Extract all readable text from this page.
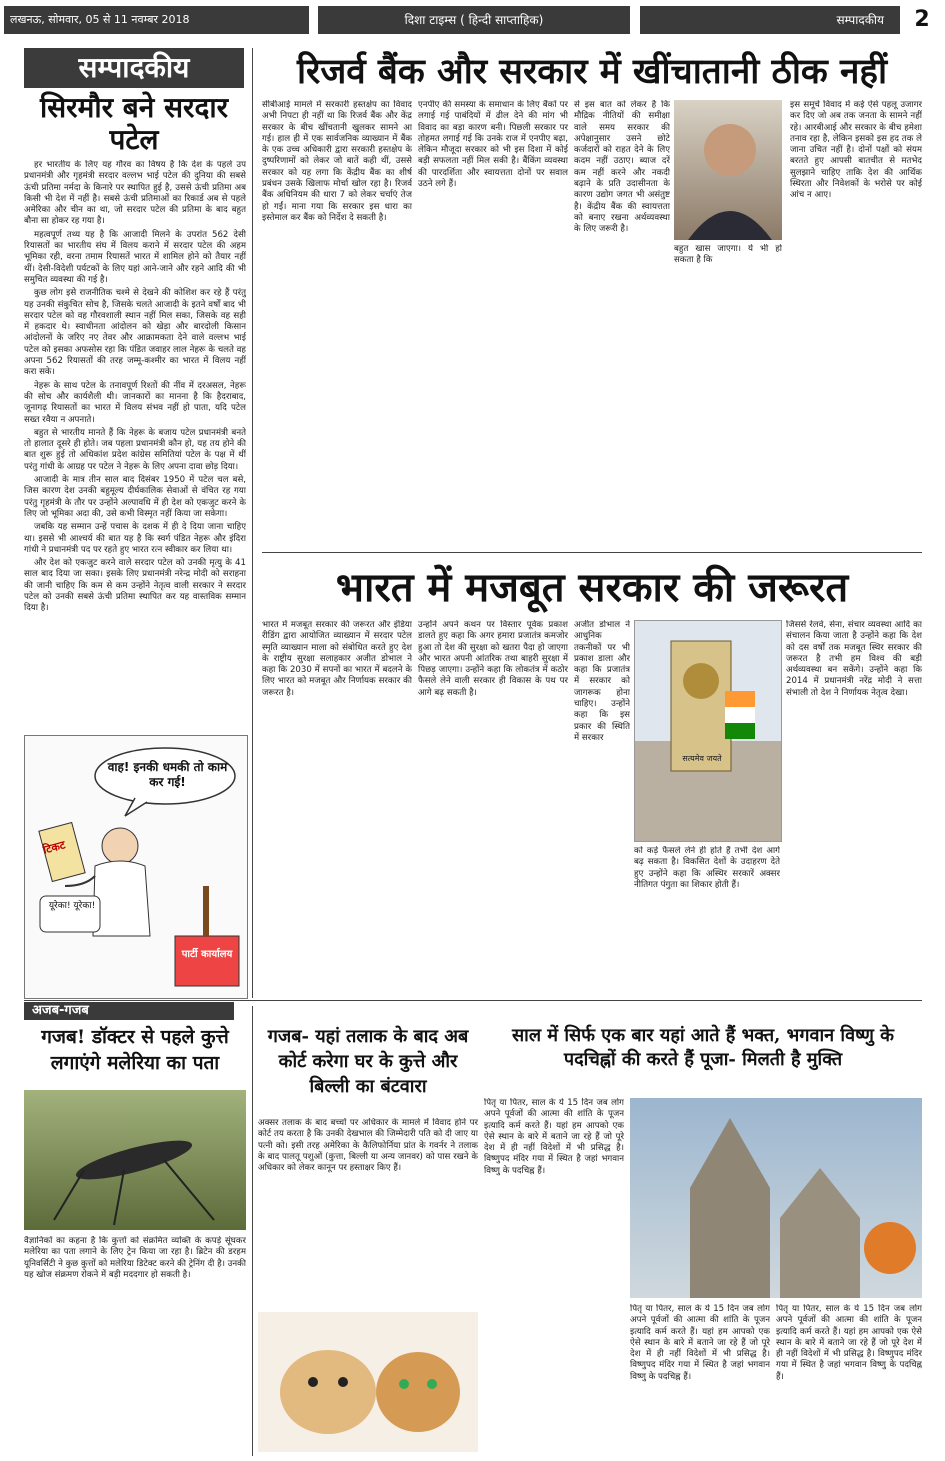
लखनऊ, सोमवार, 05 से 11 नवम्बर 2018	दिशा टाइम्स ( हिन्दी साप्ताहिक)	सम्पादकीय	2
सम्पादकीय
सिरमौर बने सरदार पटेल

हर भारतीय के लिए यह गौरव का विषय है कि देश के पहले उप प्रधानमंत्री और गृहमंत्री सरदार वल्लभ भाई पटेल की दुनिया की सबसे ऊंची प्रतिमा नर्मदा के किनारे पर स्थापित हुई है, उससे ऊंची प्रतिमा अब किसी भी देश में नहीं है। सबसे ऊंची प्रतिमाओं का रिकार्ड अब से पहले अमेरिका और चीन का था, जो सरदार पटेल की प्रतिमा के बाद बहुत बौना सा होकर रह गया है।

महत्वपूर्ण तथ्य यह है कि आजादी मिलने के उपरांत 562 देसी रियासतों का भारतीय संघ में विलय कराने में सरदार पटेल की अहम भूमिका रही, वरना तमाम रियासतें भारत में शामिल होने को तैयार नहीं थीं। देसी-विदेशी पर्यटकों के लिए यहां आने-जाने और रहने आदि की भी समुचित व्यवस्था की गई है।

कुछ लोग इसे राजनीतिक चश्मे से देखने की कोशिश कर रहे हैं परंतु यह उनकी संकुचित सोच है, जिसके चलते आजादी के इतने वर्षों बाद भी सरदार पटेल को वह गौरवशाली स्थान नहीं मिल सका, जिसके वह सही में हकदार थे। स्वाधीनता आंदोलन को खेड़ा और बारदोली किसान आंदोलनों के जरिए नए तेवर और आक्रामकता देने वाले वल्लभ भाई पटेल को इसका अफसोस रहा कि पंडित जवाहर लाल नेहरू के चलते वह अपना 562 रियासतों की तरह जम्मू-कश्मीर का भारत में विलय नहीं करा सके।

नेहरू के साथ पटेल के तनावपूर्ण रिश्तों की नींव में दरअसल, नेहरू की सोच और कार्यशैली थी। जानकारों का मानना है कि हैदराबाद, जूनागढ़ रियासतों का भारत में विलय संभव नहीं हो पाता, यदि पटेल सख्त रवैया न अपनाते।

बहुत से भारतीय मानते हैं कि नेहरू के बजाय पटेल प्रधानमंत्री बनते तो हालात दूसरे ही होते। जब पहला प्रधानमंत्री कौन हो, यह तय होने की बात शुरू हुई तो अधिकांश प्रदेश कांग्रेस समितियां पटेल के पक्ष में थीं परंतु गांधी के आग्रह पर पटेल ने नेहरू के लिए अपना दावा छोड़ दिया।

आजादी के मात्र तीन साल बाद दिसंबर 1950 में पटेल चल बसे, जिस कारण देश उनकी बहुमूल्य दीर्घकालिक सेवाओं से वंचित रह गया परंतु गृहमंत्री के तौर पर उन्होंने अल्पावधि में ही देश को एकजुट करने के लिए जो भूमिका अदा की, उसे कभी विस्मृत नहीं किया जा सकेगा।

जबकि यह सम्मान उन्हें पचास के दशक में ही दे दिया जाना चाहिए था। इससे भी आश्चर्य की बात यह है कि स्वर्ग पंडित नेहरू और इंदिरा गांधी ने प्रधानमंत्री पद पर रहते हुए भारत रत्न स्वीकार कर लिया था।

और देश को एकजुट करने वाले सरदार पटेल को उनकी मृत्यु के 41 साल बाद दिया जा सका। इसके लिए प्रधानमंत्री नरेन्द्र मोदी को सराहना की जानी चाहिए कि कम से कम उन्होंने नेतृत्व वाली सरकार ने सरदार पटेल को उनकी सबसे ऊंची प्रतिमा स्थापित कर यह वास्तविक सम्मान दिया है।

वाह! इनकी धमकी तो काम कर गई!
टिकट
यूरेका! यूरेका!
पार्टी कार्यालय
रिजर्व बैंक और सरकार में खींचातानी ठीक नहीं
सीबीआई मामले में सरकारी हस्तक्षेप का विवाद अभी निपटा ही नहीं था कि रिजर्व बैंक और केंद्र सरकार के बीच खींचतानी खुलकर सामने आ गई। हाल ही में एक सार्वजनिक व्याख्यान में बैंक के एक उच्च अधिकारी द्वारा सरकारी हस्तक्षेप के दुष्परिणामों को लेकर जो बातें कही थीं, उससे सरकार को यह लगा कि केंद्रीय बैंक का शीर्ष प्रबंधन उसके खिलाफ मोर्चा खोल रहा है। रिजर्व बैंक अधिनियम की धारा 7 को लेकर चर्चाएं तेज हो गईं। माना गया कि सरकार इस धारा का इस्तेमाल कर बैंक को निर्देश दे सकती है।
एनपीए की समस्या के समाधान के लिए बैंकों पर लगाई गई पाबंदियों में ढील देने की मांग भी विवाद का बड़ा कारण बनी। पिछली सरकार पर तोहमत लगाई गई कि उनके राज में एनपीए बढ़ा, लेकिन मौजूदा सरकार को भी इस दिशा में कोई बड़ी सफलता नहीं मिल सकी है। बैंकिंग व्यवस्था की पारदर्शिता और स्वायत्तता दोनों पर सवाल उठने लगे हैं।
से इस बात को लेकर है कि मौद्रिक नीतियों की समीक्षा वाले समय सरकार की अपेक्षानुसार उसने छोटे कर्जदारों को राहत देने के लिए कदम नहीं उठाए। ब्याज दरें कम नहीं करने और नकदी बढ़ाने के प्रति उदासीनता के कारण उद्योग जगत भी असंतुष्ट है। केंद्रीय बैंक की स्वायत्तता को बनाए रखना अर्थव्यवस्था के लिए जरूरी है।
बहुत खास जाएगा। ये भी हो सकता है कि
इस समूचे विवाद में कई ऐसे पहलू उजागर कर दिए जो अब तक जनता के सामने नहीं रहे। आरबीआई और सरकार के बीच हमेशा तनाव रहा है, लेकिन इसको इस हद तक ले जाना उचित नहीं है। दोनों पक्षों को संयम बरतते हुए आपसी बातचीत से मतभेद सुलझाने चाहिए ताकि देश की आर्थिक स्थिरता और निवेशकों के भरोसे पर कोई आंच न आए।
भारत में मजबूत सरकार की जरूरत
भारत में मजबूत सरकार की जरूरत और इंडिया रीडिंग द्वारा आयोजित व्याख्यान में सरदार पटेल स्मृति व्याख्यान माला को संबोधित करते हुए देश के राष्ट्रीय सुरक्षा सलाहकार अजीत डोभाल ने कहा कि 2030 में सपनों का भारत में बदलने के लिए भारत को मजबूत और निर्णायक सरकार की जरूरत है।
उन्होंने अपने कथन पर विस्तार पूर्वक प्रकाश डालते हुए कहा कि अगर हमारा प्रजातंत्र कमजोर हुआ तो देश की सुरक्षा को खतरा पैदा हो जाएगा और भारत अपनी आंतरिक तथा बाहरी सुरक्षा में पिछड़ जाएगा। उन्होंने कहा कि लोकतंत्र में कठोर फैसले लेने वाली सरकार ही विकास के पथ पर आगे बढ़ सकती है।
अजीत डोभाल ने आधुनिक तकनीकों पर भी प्रकाश डाला और कहा कि प्रजातंत्र में सरकार को जागरूक होना चाहिए। उन्होंने कहा कि इस प्रकार की स्थिति में सरकार
सत्यमेव जयते
को कड़े फैसले लेने ही होते हैं तभी देश आगे बढ़ सकता है। विकसित देशों के उदाहरण देते हुए उन्होंने कहा कि अस्थिर सरकारें अक्सर नीतिगत पंगुता का शिकार होती हैं।
जिससे रेलवे, सेना, संचार व्यवस्था आदि का संचालन किया जाता है उन्होंने कहा कि देश को दस वर्षों तक मजबूत स्थिर सरकार की जरूरत है तभी हम विश्व की बड़ी अर्थव्यवस्था बन सकेंगे। उन्होंने कहा कि 2014 में प्रधानमंत्री नरेंद्र मोदी ने सत्ता संभाली तो देश ने निर्णायक नेतृत्व देखा।
अजब-गजब
गजब! डॉक्टर से पहले कुत्ते लगाएंगे मलेरिया का पता
वैज्ञानिकों का कहना है कि कुत्तों को संक्रमित व्यक्ति के कपड़े सूंघकर मलेरिया का पता लगाने के लिए ट्रेन किया जा रहा है। ब्रिटेन की डरहम यूनिवर्सिटी ने कुछ कुत्तों को मलेरिया डिटेक्ट करने की ट्रेनिंग दी है। उनकी यह खोज संक्रमण रोकने में बड़ी मददगार हो सकती है।
गजब- यहां तलाक के बाद अब कोर्ट करेगा घर के कुत्ते और बिल्ली का बंटवारा
अक्सर तलाक के बाद बच्चों पर अधिकार के मामले में विवाद होने पर कोर्ट तय करता है कि उनकी देखभाल की जिम्मेदारी पति को दी जाए या पत्नी को। इसी तरह अमेरिका के कैलिफोर्निया प्रांत के गवर्नर ने तलाक के बाद पालतू पशुओं (कुत्ता, बिल्ली या अन्य जानवर) को पास रखने के अधिकार को लेकर कानून पर हस्ताक्षर किए हैं।
साल में सिर्फ एक बार यहां आते हैं भक्त, भगवान विष्णु के पदचिह्नों की करते हैं पूजा- मिलती है मुक्ति
पितृ या पितर, साल के ये 15 दिन जब लोग अपने पूर्वजों की आत्मा की शांति के पूजन इत्यादि कर्म करते हैं। यहां हम आपको एक ऐसे स्थान के बारे में बताने जा रहे हैं जो पूरे देश में ही नहीं विदेशों में भी प्रसिद्ध है। विष्णुपद मंदिर गया में स्थित है जहां भगवान विष्णु के पदचिह्न हैं।
पितृ या पितर, साल के ये 15 दिन जब लोग अपने पूर्वजों की आत्मा की शांति के पूजन इत्यादि कर्म करते हैं। यहां हम आपको एक ऐसे स्थान के बारे में बताने जा रहे हैं जो पूरे देश में ही नहीं विदेशों में भी प्रसिद्ध है। विष्णुपद मंदिर गया में स्थित है जहां भगवान विष्णु के पदचिह्न हैं।
पितृ या पितर, साल के ये 15 दिन जब लोग अपने पूर्वजों की आत्मा की शांति के पूजन इत्यादि कर्म करते हैं। यहां हम आपको एक ऐसे स्थान के बारे में बताने जा रहे हैं जो पूरे देश में ही नहीं विदेशों में भी प्रसिद्ध है। विष्णुपद मंदिर गया में स्थित है जहां भगवान विष्णु के पदचिह्न हैं।
